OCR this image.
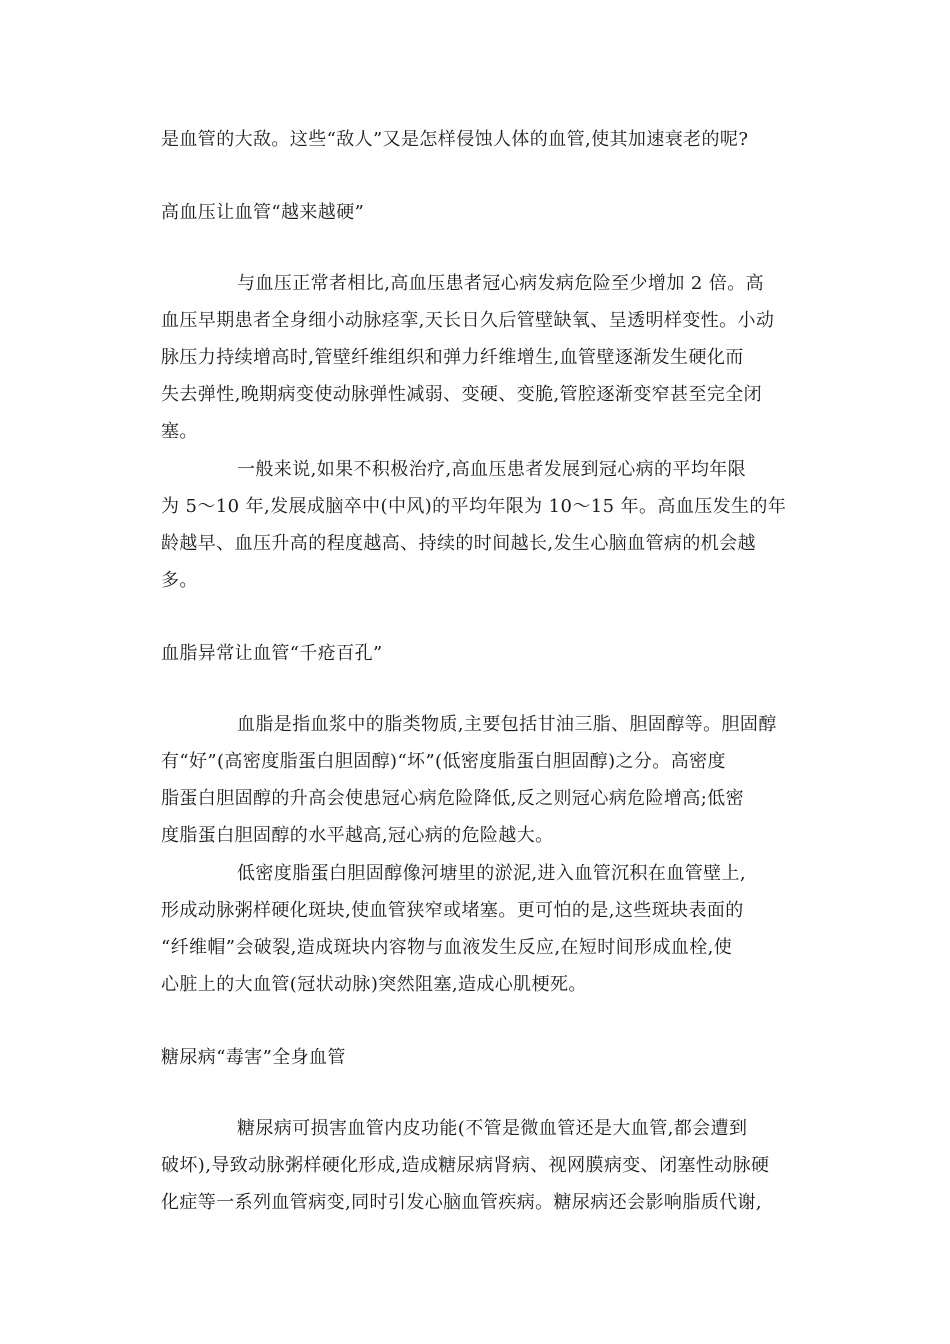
是血管的大敌。这些“敌人”又是怎样侵蚀人体的血管,使其加速衰老的呢?
高血压让血管“越来越硬”
与血压正常者相比,高血压患者冠心病发病危险至少增加 2 倍。高
血压早期患者全身细小动脉痉挛,天长日久后管壁缺氧、呈透明样变性。小动
脉压力持续增高时,管壁纤维组织和弹力纤维增生,血管壁逐渐发生硬化而
失去弹性,晚期病变使动脉弹性减弱、变硬、变脆,管腔逐渐变窄甚至完全闭
塞。
一般来说,如果不积极治疗,高血压患者发展到冠心病的平均年限
为 5～10 年,发展成脑卒中(中风)的平均年限为 10～15 年。高血压发生的年
龄越早、血压升高的程度越高、持续的时间越长,发生心脑血管病的机会越
多。
血脂异常让血管“千疮百孔”
血脂是指血浆中的脂类物质,主要包括甘油三脂、胆固醇等。胆固醇
有“好”(高密度脂蛋白胆固醇)“坏”(低密度脂蛋白胆固醇)之分。高密度
脂蛋白胆固醇的升高会使患冠心病危险降低,反之则冠心病危险增高;低密
度脂蛋白胆固醇的水平越高,冠心病的危险越大。
低密度脂蛋白胆固醇像河塘里的淤泥,进入血管沉积在血管壁上,
形成动脉粥样硬化斑块,使血管狭窄或堵塞。更可怕的是,这些斑块表面的
“纤维帽”会破裂,造成斑块内容物与血液发生反应,在短时间形成血栓,使
心脏上的大血管(冠状动脉)突然阻塞,造成心肌梗死。
糖尿病“毒害”全身血管
糖尿病可损害血管内皮功能(不管是微血管还是大血管,都会遭到
破坏),导致动脉粥样硬化形成,造成糖尿病肾病、视网膜病变、闭塞性动脉硬
化症等一系列血管病变,同时引发心脑血管疾病。糖尿病还会影响脂质代谢,
